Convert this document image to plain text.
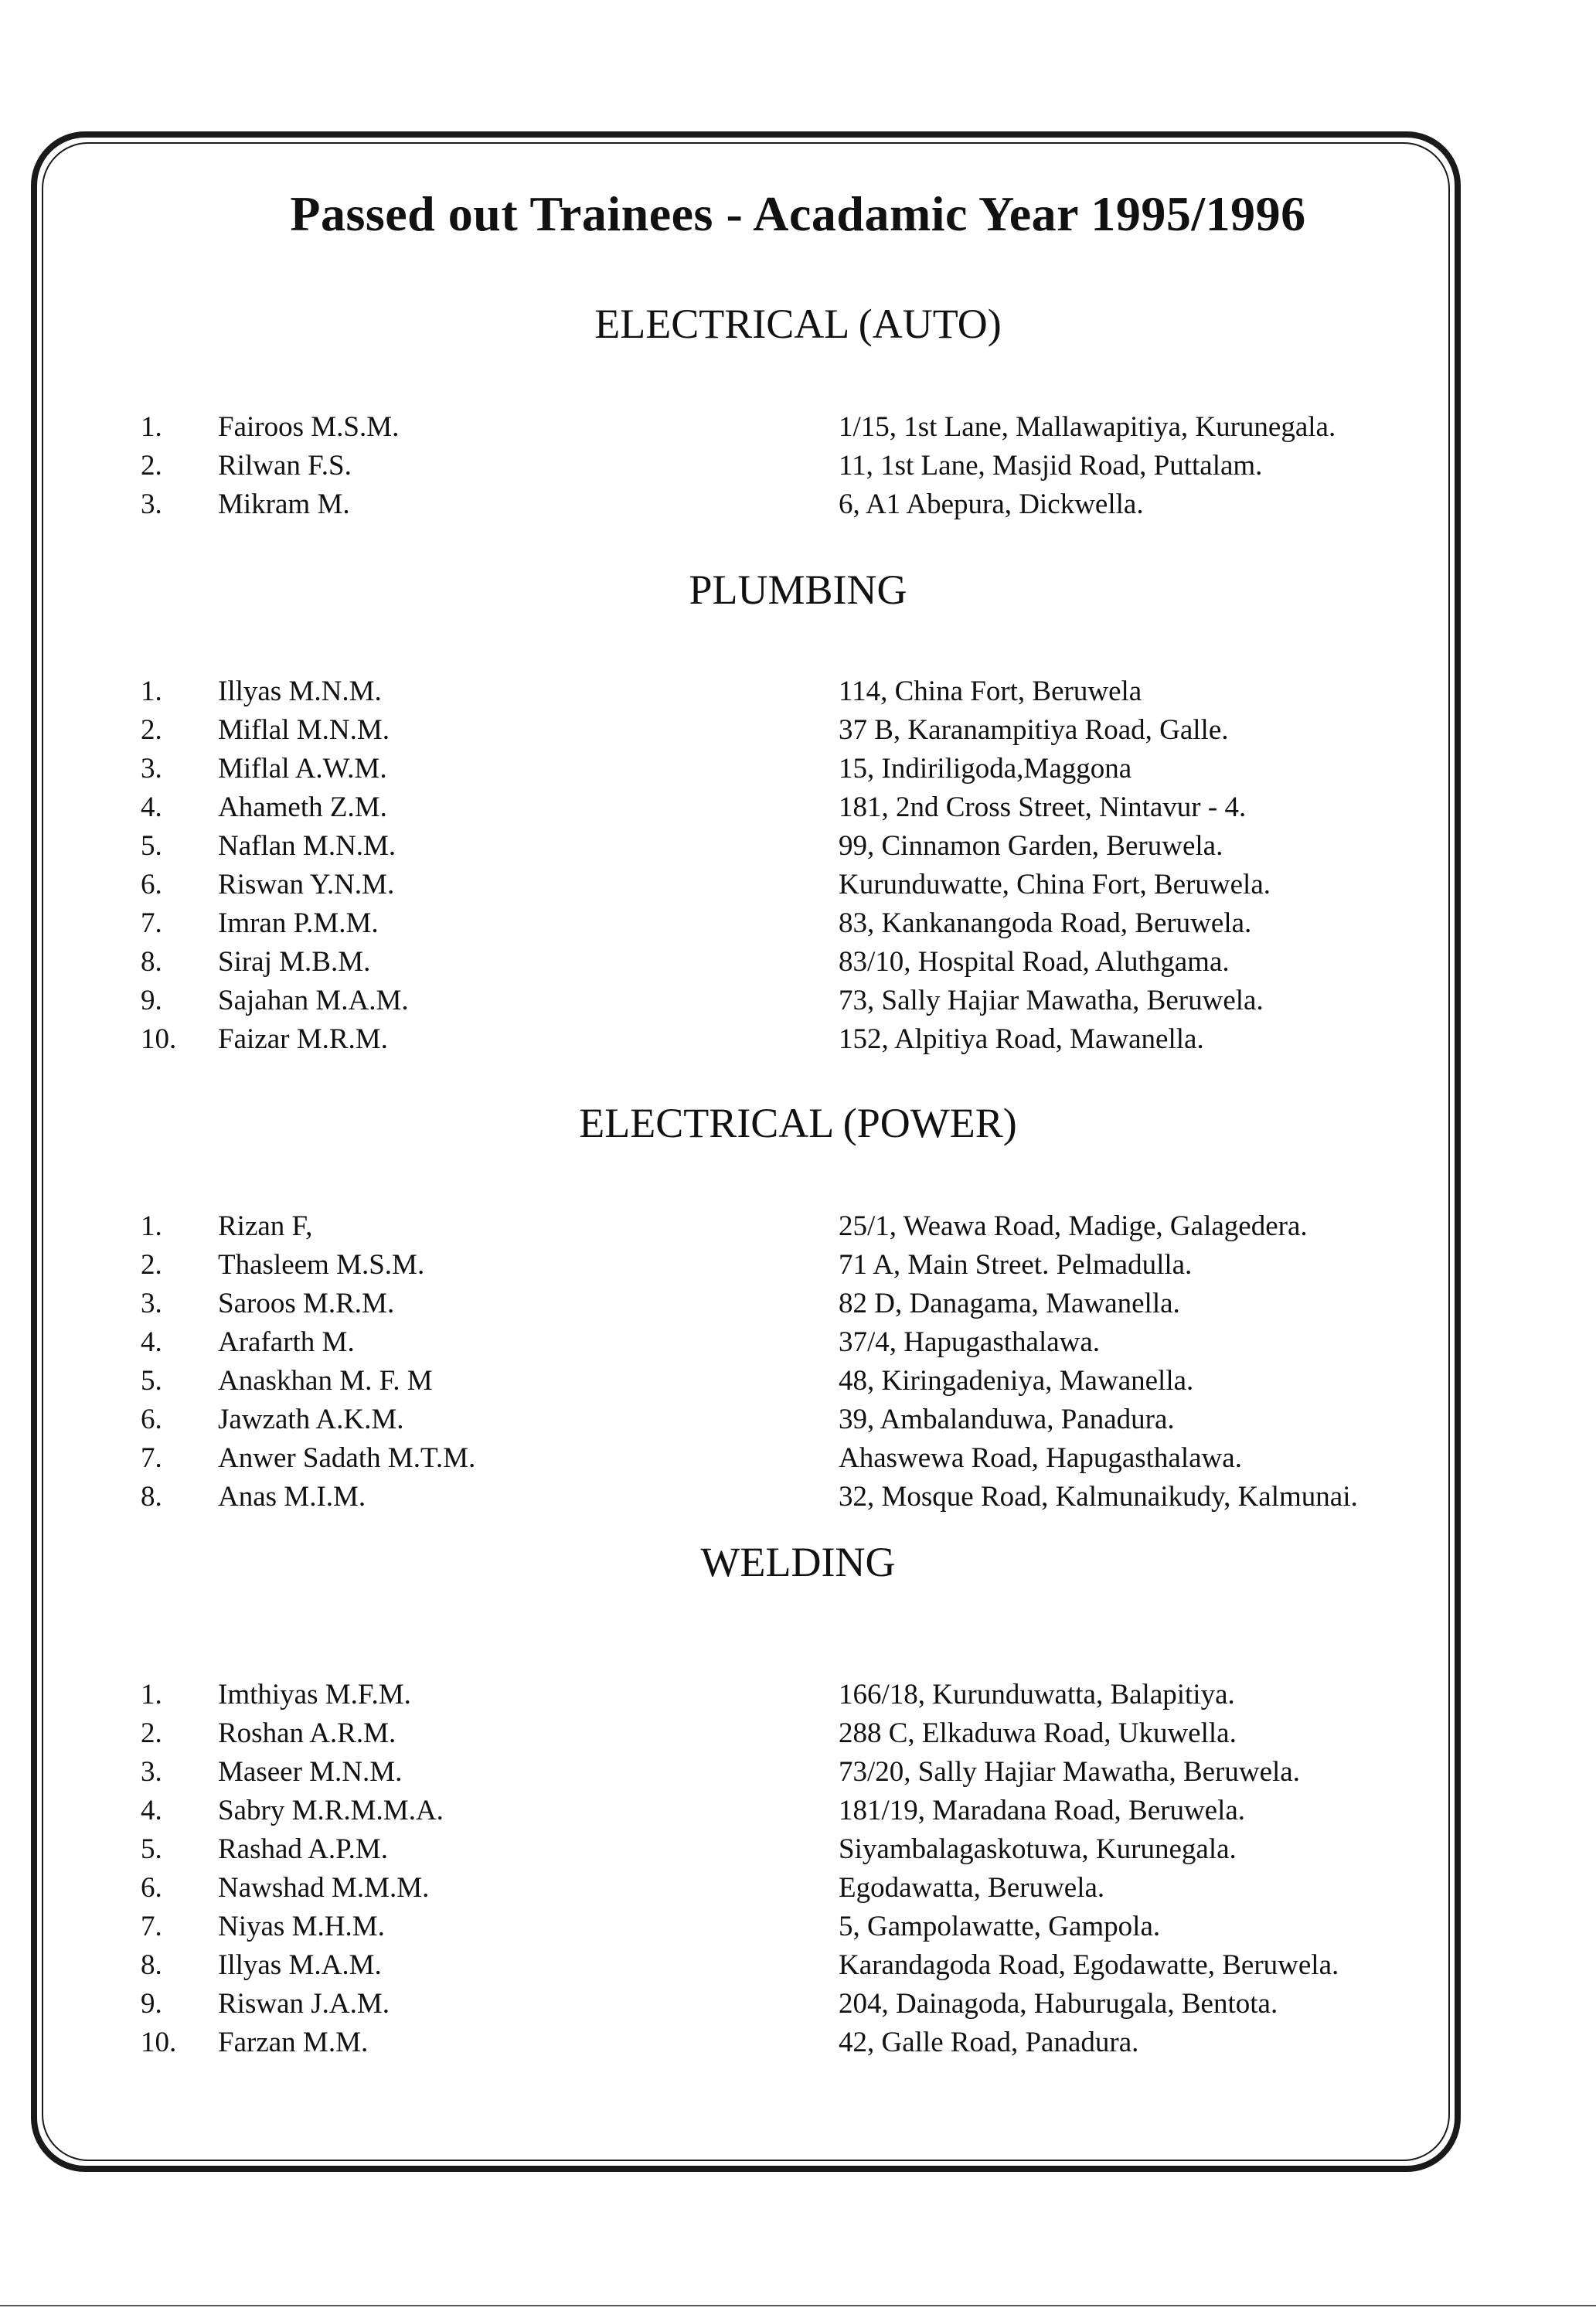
Passed out Trainees - Acadamic Year 1995/1996
ELECTRICAL (AUTO)
1.	Fairoos M.S.M.	1/15, 1st Lane, Mallawapitiya, Kurunegala.
2.	Rilwan F.S.	11, 1st Lane, Masjid Road, Puttalam.
3.	Mikram M.	6, A1 Abepura, Dickwella.
PLUMBING
1.	Illyas M.N.M.	114, China Fort, Beruwela
2.	Miflal M.N.M.	37 B, Karanampitiya Road, Galle.
3.	Miflal A.W.M.	15, Indiriligoda,Maggona
4.	Ahameth Z.M.	181, 2nd Cross Street, Nintavur - 4.
5.	Naflan M.N.M.	99, Cinnamon Garden, Beruwela.
6.	Riswan Y.N.M.	Kurunduwatte, China Fort, Beruwela.
7.	Imran P.M.M.	83, Kankanangoda Road, Beruwela.
8.	Siraj M.B.M.	83/10, Hospital Road, Aluthgama.
9.	Sajahan M.A.M.	73, Sally Hajiar Mawatha, Beruwela.
10.	Faizar M.R.M.	152, Alpitiya Road, Mawanella.
ELECTRICAL (POWER)
1.	Rizan F,	25/1, Weawa Road, Madige, Galagedera.
2.	Thasleem M.S.M.	71 A, Main Street. Pelmadulla.
3.	Saroos M.R.M.	82 D, Danagama, Mawanella.
4.	Arafarth M.	37/4, Hapugasthalawa.
5.	Anaskhan M. F. M	48, Kiringadeniya, Mawanella.
6.	Jawzath A.K.M.	39, Ambalanduwa, Panadura.
7.	Anwer Sadath M.T.M.	Ahaswewa Road, Hapugasthalawa.
8.	Anas M.I.M.	32, Mosque Road, Kalmunaikudy, Kalmunai.
WELDING
1.	Imthiyas M.F.M.	166/18, Kurunduwatta, Balapitiya.
2.	Roshan A.R.M.	288 C, Elkaduwa Road, Ukuwella.
3.	Maseer M.N.M.	73/20, Sally Hajiar Mawatha, Beruwela.
4.	Sabry M.R.M.M.A.	181/19, Maradana Road, Beruwela.
5.	Rashad A.P.M.	Siyambalagaskotuwa, Kurunegala.
6.	Nawshad M.M.M.	Egodawatta, Beruwela.
7.	Niyas M.H.M.	5, Gampolawatte, Gampola.
8.	Illyas M.A.M.	Karandagoda Road, Egodawatte, Beruwela.
9.	Riswan J.A.M.	204, Dainagoda, Haburugala, Bentota.
10.	Farzan M.M.	42, Galle Road, Panadura.
